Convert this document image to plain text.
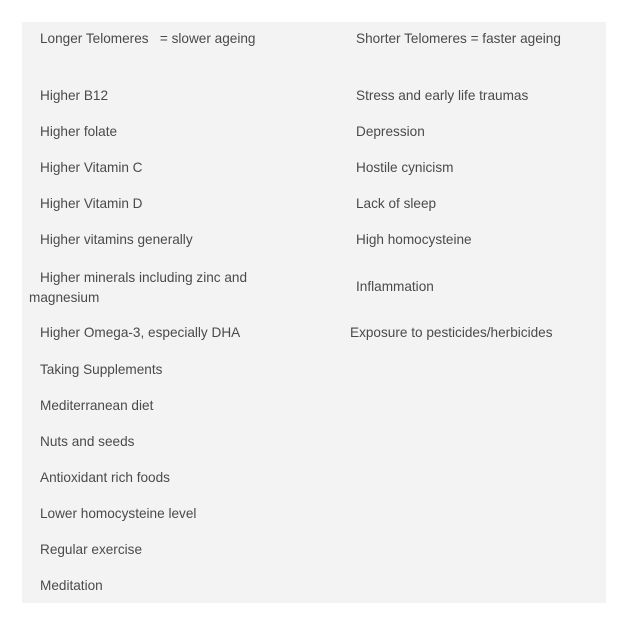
Longer Telomeres   = slower ageing	Shorter Telomeres = faster ageing
Higher B12
Higher folate
Higher Vitamin C
Higher Vitamin D
Higher vitamins generally
Higher minerals including zinc and magnesium
Higher Omega-3, especially DHA
Taking Supplements
Mediterranean diet
Nuts and seeds
Antioxidant rich foods
Lower homocysteine level
Regular exercise
Meditation
Stress and early life traumas
Depression
Hostile cynicism
Lack of sleep
High homocysteine
Inflammation
Exposure to pesticides/herbicides
